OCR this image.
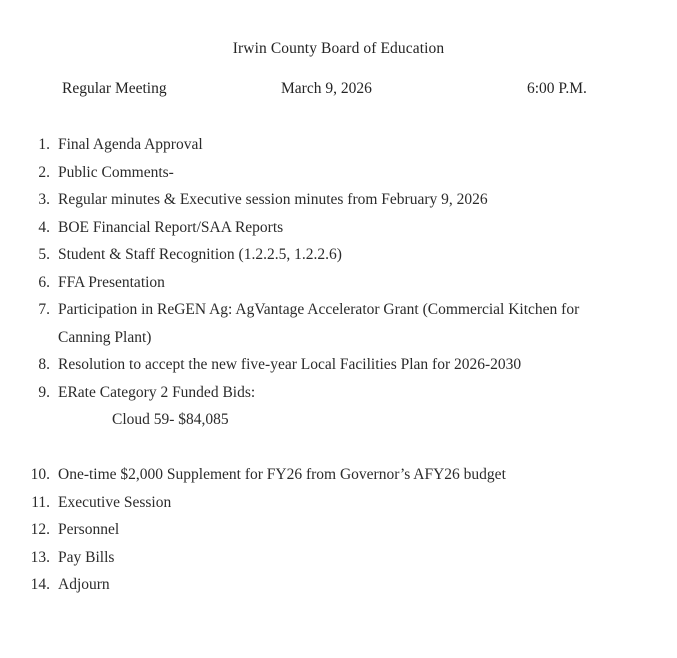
Irwin County Board of Education
Regular Meeting	March 9, 2026	6:00 P.M.
1. Final Agenda Approval
2. Public Comments-
3. Regular minutes & Executive session minutes from February 9, 2026
4. BOE Financial Report/SAA Reports
5. Student & Staff Recognition (1.2.2.5, 1.2.2.6)
6. FFA Presentation
7. Participation in ReGEN Ag: AgVantage Accelerator Grant (Commercial Kitchen for Canning Plant)
8. Resolution to accept the new five-year Local Facilities Plan for 2026-2030
9. ERate Category 2 Funded Bids:
Cloud 59- $84,085
10. One-time $2,000 Supplement for FY26 from Governor’s AFY26 budget
11. Executive Session
12. Personnel
13. Pay Bills
14. Adjourn
